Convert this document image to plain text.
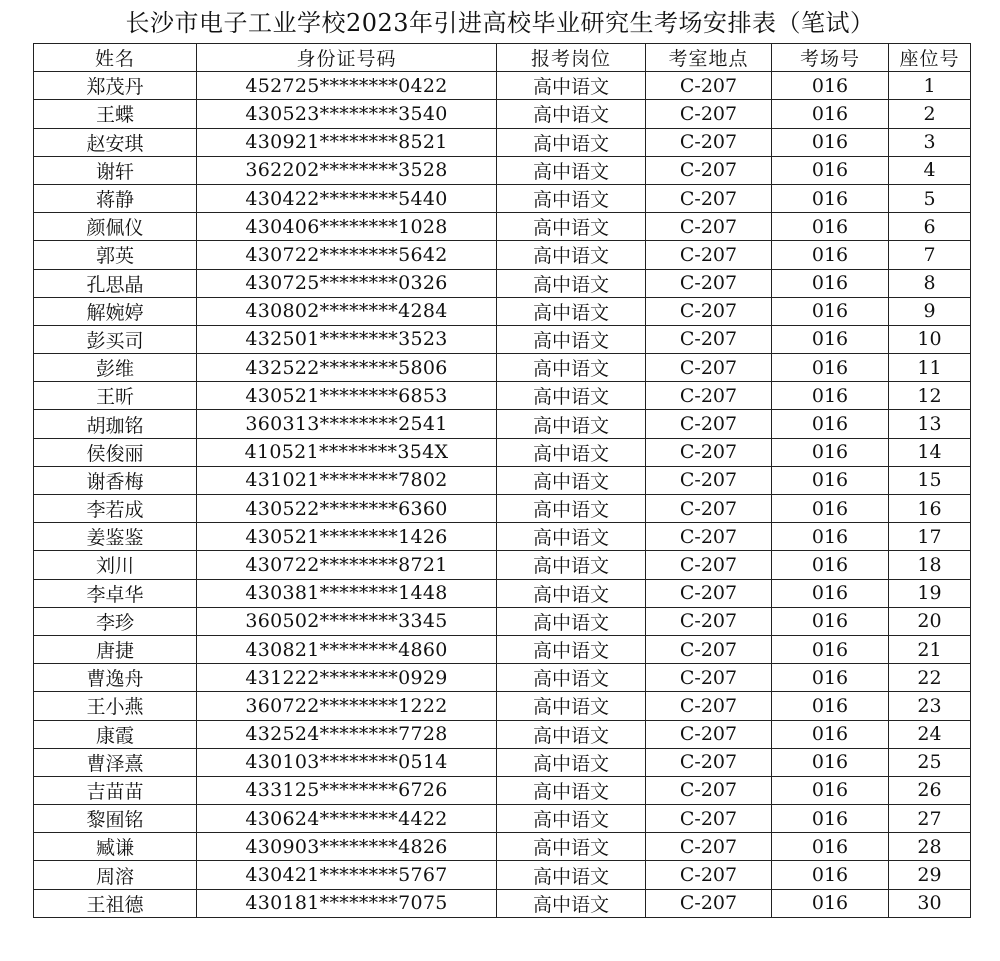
长沙市电子工业学校2023年引进高校毕业研究生考场安排表（笔试）
姓名	身份证号码	报考岗位	考室地点	考场号	座位号
郑茂丹	452725********0422	高中语文	C-207	016	1
王蝶	430523********3540	高中语文	C-207	016	2
赵安琪	430921********8521	高中语文	C-207	016	3
谢轩	362202********3528	高中语文	C-207	016	4
蒋静	430422********5440	高中语文	C-207	016	5
颜佩仪	430406********1028	高中语文	C-207	016	6
郭英	430722********5642	高中语文	C-207	016	7
孔思晶	430725********0326	高中语文	C-207	016	8
解婉婷	430802********4284	高中语文	C-207	016	9
彭买司	432501********3523	高中语文	C-207	016	10
彭维	432522********5806	高中语文	C-207	016	11
王昕	430521********6853	高中语文	C-207	016	12
胡珈铭	360313********2541	高中语文	C-207	016	13
侯俊丽	410521********354X	高中语文	C-207	016	14
谢香梅	431021********7802	高中语文	C-207	016	15
李若成	430522********6360	高中语文	C-207	016	16
姜鉴鉴	430521********1426	高中语文	C-207	016	17
刘川	430722********8721	高中语文	C-207	016	18
李卓华	430381********1448	高中语文	C-207	016	19
李珍	360502********3345	高中语文	C-207	016	20
唐捷	430821********4860	高中语文	C-207	016	21
曹逸舟	431222********0929	高中语文	C-207	016	22
王小燕	360722********1222	高中语文	C-207	016	23
康霞	432524********7728	高中语文	C-207	016	24
曹泽熹	430103********0514	高中语文	C-207	016	25
吉苗苗	433125********6726	高中语文	C-207	016	26
黎囿铭	430624********4422	高中语文	C-207	016	27
臧谦	430903********4826	高中语文	C-207	016	28
周溶	430421********5767	高中语文	C-207	016	29
王祖德	430181********7075	高中语文	C-207	016	30
